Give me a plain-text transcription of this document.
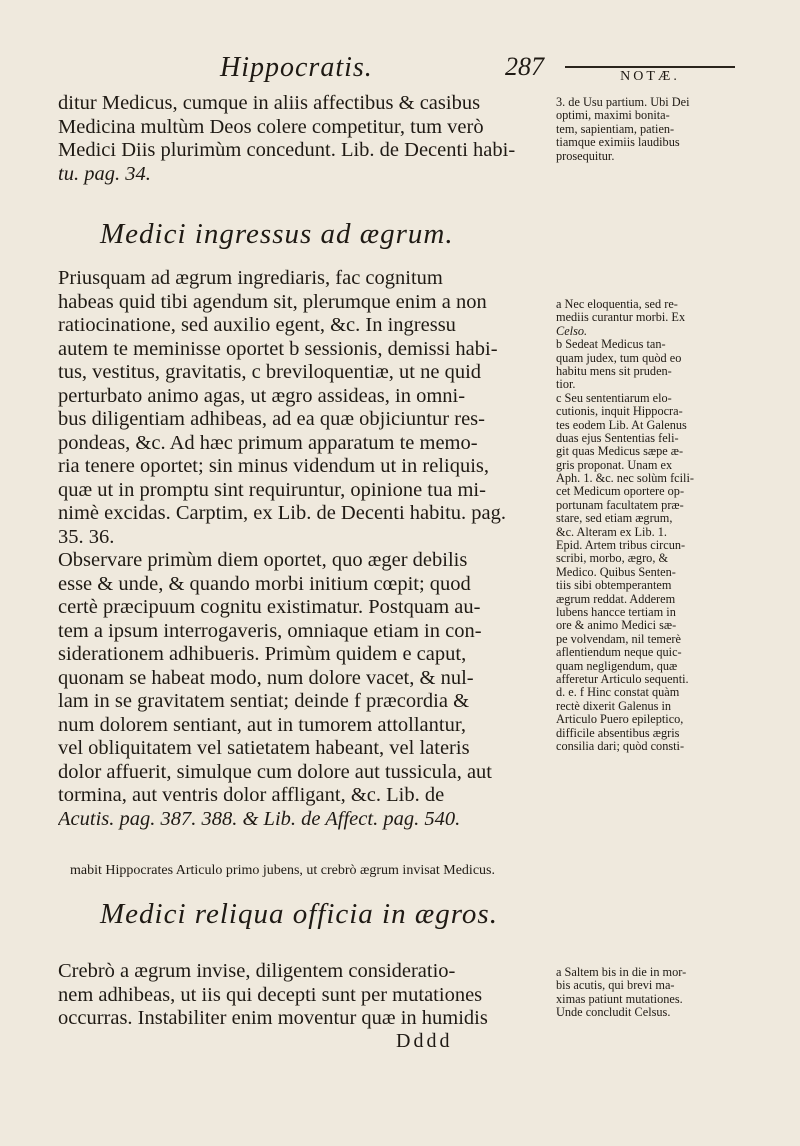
Hippocratis.	287	NOTÆ.
ditur Medicus, cumque in aliis affectibus & casibus
Medicina multùm Deos colere competitur, tum verò
Medici Diis plurimùm concedunt. Lib. de Decenti habi-
tu. pag. 34.
3. de Usu partium. Ubi Dei
optimi, maximi bonita-
tem, sapientiam, patien-
tiamque eximiis laudibus
prosequitur.
Medici ingressus ad ægrum.
Priusquam ad ægrum ingrediaris, fac cognitum
habeas quid tibi agendum sit, plerumque enim a non
ratiocinatione, sed auxilio egent, &c. In ingressu
autem te meminisse oportet b sessionis, demissi habi-
tus, vestitus, gravitatis, c breviloquentiæ, ut ne quid
perturbato animo agas, ut ægro assideas, in omni-
bus diligentiam adhibeas, ad ea quæ objiciuntur res-
pondeas, &c. Ad hæc primum apparatum te memo-
ria tenere oportet; sin minus videndum ut in reliquis,
quæ ut in promptu sint requiruntur, opinione tua mi-
nimè excidas. Carptim, ex Lib. de Decenti habitu. pag.
35. 36.
Observare primùm diem oportet, quo æger debilis
esse & unde, & quando morbi initium cœpit; quod
certè præcipuum cognitu existimatur. Postquam au-
tem a ipsum interrogaveris, omniaque etiam in con-
siderationem adhibueris. Primùm quidem e caput,
quonam se habeat modo, num dolore vacet, & nul-
lam in se gravitatem sentiat; deinde f præcordia &
num dolorem sentiant, aut in tumorem attollantur,
vel obliquitatem vel satietatem habeant, vel lateris
dolor affuerit, simulque cum dolore aut tussicula, aut
tormina, aut ventris dolor affligant, &c. Lib. de
Acutis. pag. 387. 388. & Lib. de Affect. pag. 540.
a Nec eloquentia, sed re-
mediis curantur morbi. Ex
Celso.
b Sedeat Medicus tan-
quam judex, tum quòd eo
habitu mens sit pruden-
tior.
c Seu sententiarum elo-
cutionis, inquit Hippocra-
tes eodem Lib. At Galenus
duas ejus Sententias feli-
git quas Medicus sæpe æ-
gris proponat. Unam ex
Aph. 1. &c. nec solùm fcili-
cet Medicum oportere op-
portunam facultatem præ-
stare, sed etiam ægrum,
&c. Alteram ex Lib. 1.
Epid. Artem tribus circun-
scribi, morbo, ægro, &
Medico. Quibus Senten-
tiis sibi obtemperantem
ægrum reddat. Adderem
lubens hancce tertiam in
ore & animo Medici sæ-
pe volvendam, nil temerè
aflentiendum neque quic-
quam negligendum, quæ
afferetur Articulo sequenti.
d. e. f Hinc constat quàm
rectè dixerit Galenus in
Articulo Puero epileptico,
difficile absentibus ægris
consilia dari; quòd consti-
mabit Hippocrates Articulo primo jubens, ut crebrò ægrum invisat Medicus.
Medici reliqua officia in ægros.
Crebrò a ægrum invise, diligentem consideratio-
nem adhibeas, ut iis qui decepti sunt per mutationes
occurras. Instabiliter enim moventur quæ in humidis
a Saltem bis in die in mor-
bis acutis, qui brevi ma-
ximas patiunt mutationes.
Unde concludit Celsus.
Dddd
